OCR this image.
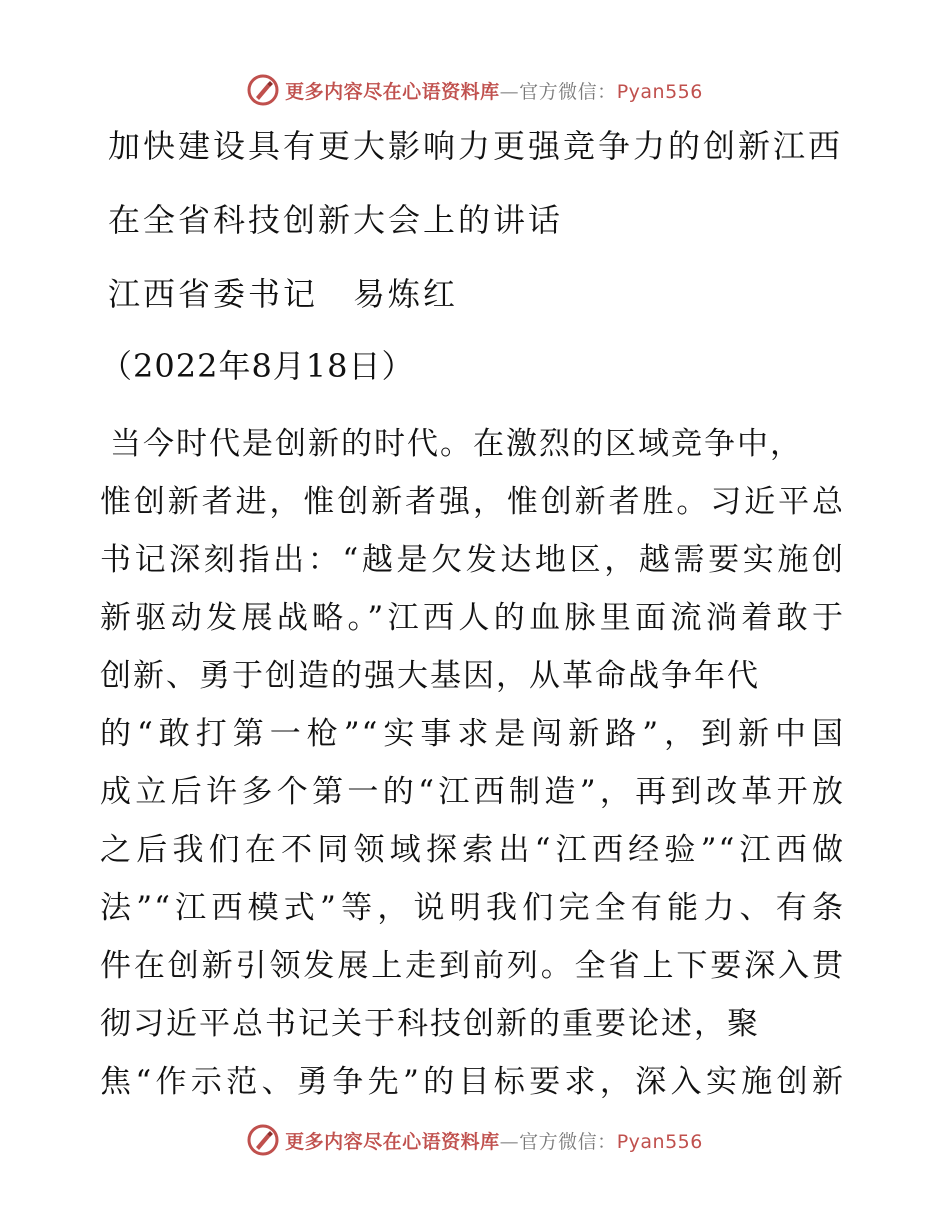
更多内容尽在心语资料库—官方微信：Pyan556
加快建设具有更大影响力更强竞争力的创新江西
在全省科技创新大会上的讲话
江西省委书记　易炼红
（2022年8月18日）
当今时代是创新的时代。在激烈的区域竞争中，
惟创新者进，惟创新者强，惟创新者胜。习近平总
书记深刻指出：“越是欠发达地区，越需要实施创
新驱动发展战略。”江西人的血脉里面流淌着敢于
创新、勇于创造的强大基因，从革命战争年代
的“敢打第一枪”“实事求是闯新路”，到新中国
成立后许多个第一的“江西制造”，再到改革开放
之后我们在不同领域探索出“江西经验”“江西做
法”“江西模式”等，说明我们完全有能力、有条
件在创新引领发展上走到前列。全省上下要深入贯
彻习近平总书记关于科技创新的重要论述，聚
焦“作示范、勇争先”的目标要求，深入实施创新
更多内容尽在心语资料库—官方微信：Pyan556
